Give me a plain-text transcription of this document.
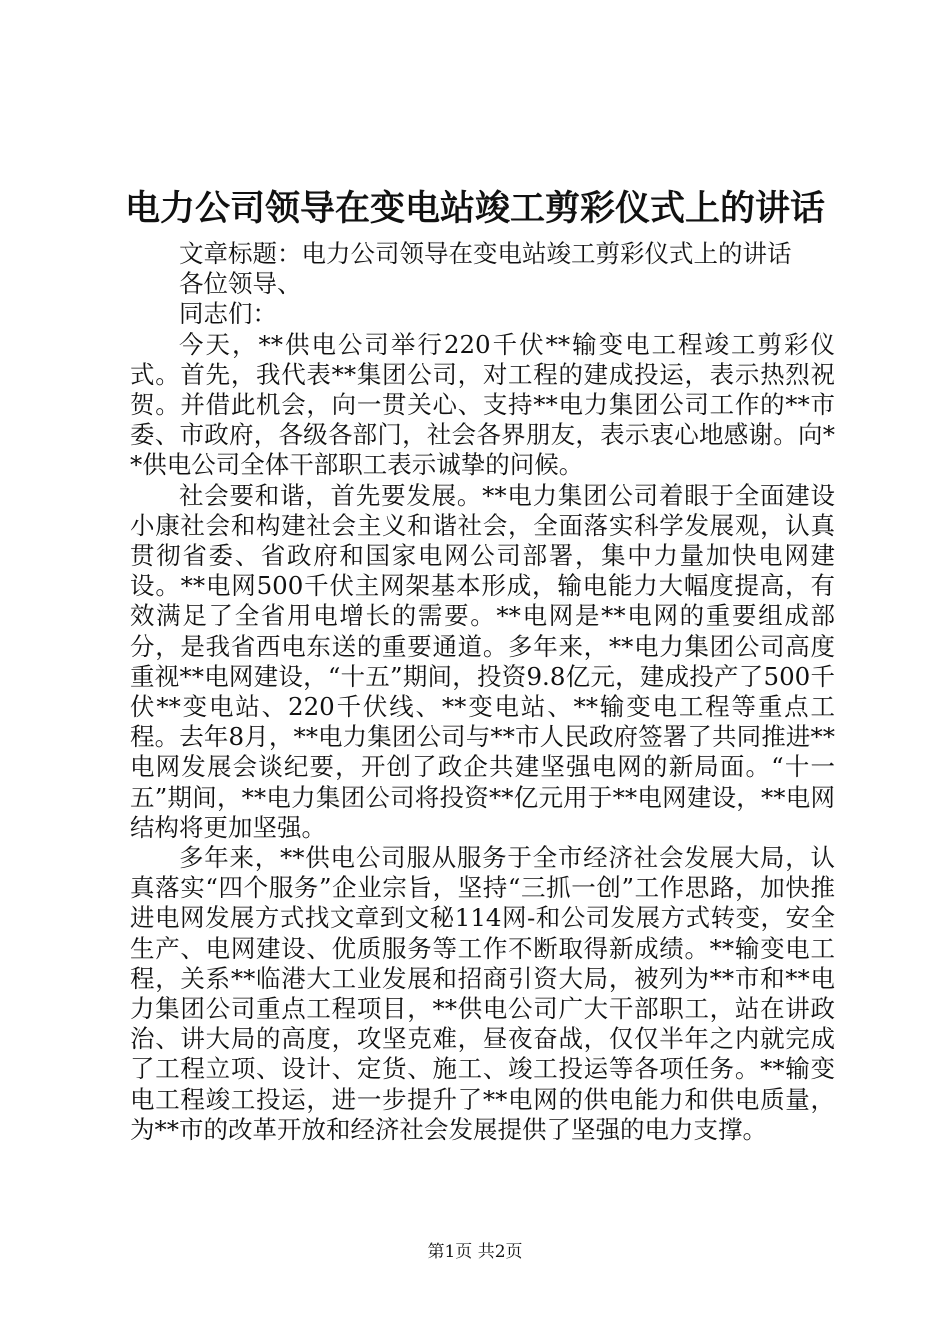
电力公司领导在变电站竣工剪彩仪式上的讲话

文章标题：电力公司领导在变电站竣工剪彩仪式上的讲话

各位领导、

同志们：

今天，**供电公司举行220千伏**输变电工程竣工剪彩仪式。首先，我代表**集团公司，对工程的建成投运，表示热烈祝贺。并借此机会，向一贯关心、支持**电力集团公司工作的**市委、市政府，各级各部门，社会各界朋友，表示衷心地感谢。向**供电公司全体干部职工表示诚挚的问候。

社会要和谐，首先要发展。**电力集团公司着眼于全面建设小康社会和构建社会主义和谐社会，全面落实科学发展观，认真贯彻省委、省政府和国家电网公司部署，集中力量加快电网建设。**电网500千伏主网架基本形成，输电能力大幅度提高，有效满足了全省用电增长的需要。**电网是**电网的重要组成部分，是我省西电东送的重要通道。多年来，**电力集团公司高度重视**电网建设，“十五”期间，投资9.8亿元，建成投产了500千伏**变电站、220千伏线、**变电站、**输变电工程等重点工程。去年8月，**电力集团公司与**市人民政府签署了共同推进**电网发展会谈纪要，开创了政企共建坚强电网的新局面。“十一五”期间，**电力集团公司将投资**亿元用于**电网建设，**电网结构将更加坚强。

多年来，**供电公司服从服务于全市经济社会发展大局，认真落实“四个服务”企业宗旨，坚持“三抓一创”工作思路，加快推进电网发展方式找文章到文秘114网-和公司发展方式转变，安全生产、电网建设、优质服务等工作不断取得新成绩。**输变电工程，关系**临港大工业发展和招商引资大局，被列为**市和**电力集团公司重点工程项目，**供电公司广大干部职工，站在讲政治、讲大局的高度，攻坚克难，昼夜奋战，仅仅半年之内就完成了工程立项、设计、定货、施工、竣工投运等各项任务。**输变电工程竣工投运，进一步提升了**电网的供电能力和供电质量，为**市的改革开放和经济社会发展提供了坚强的电力支撑。

第1页 共2页
